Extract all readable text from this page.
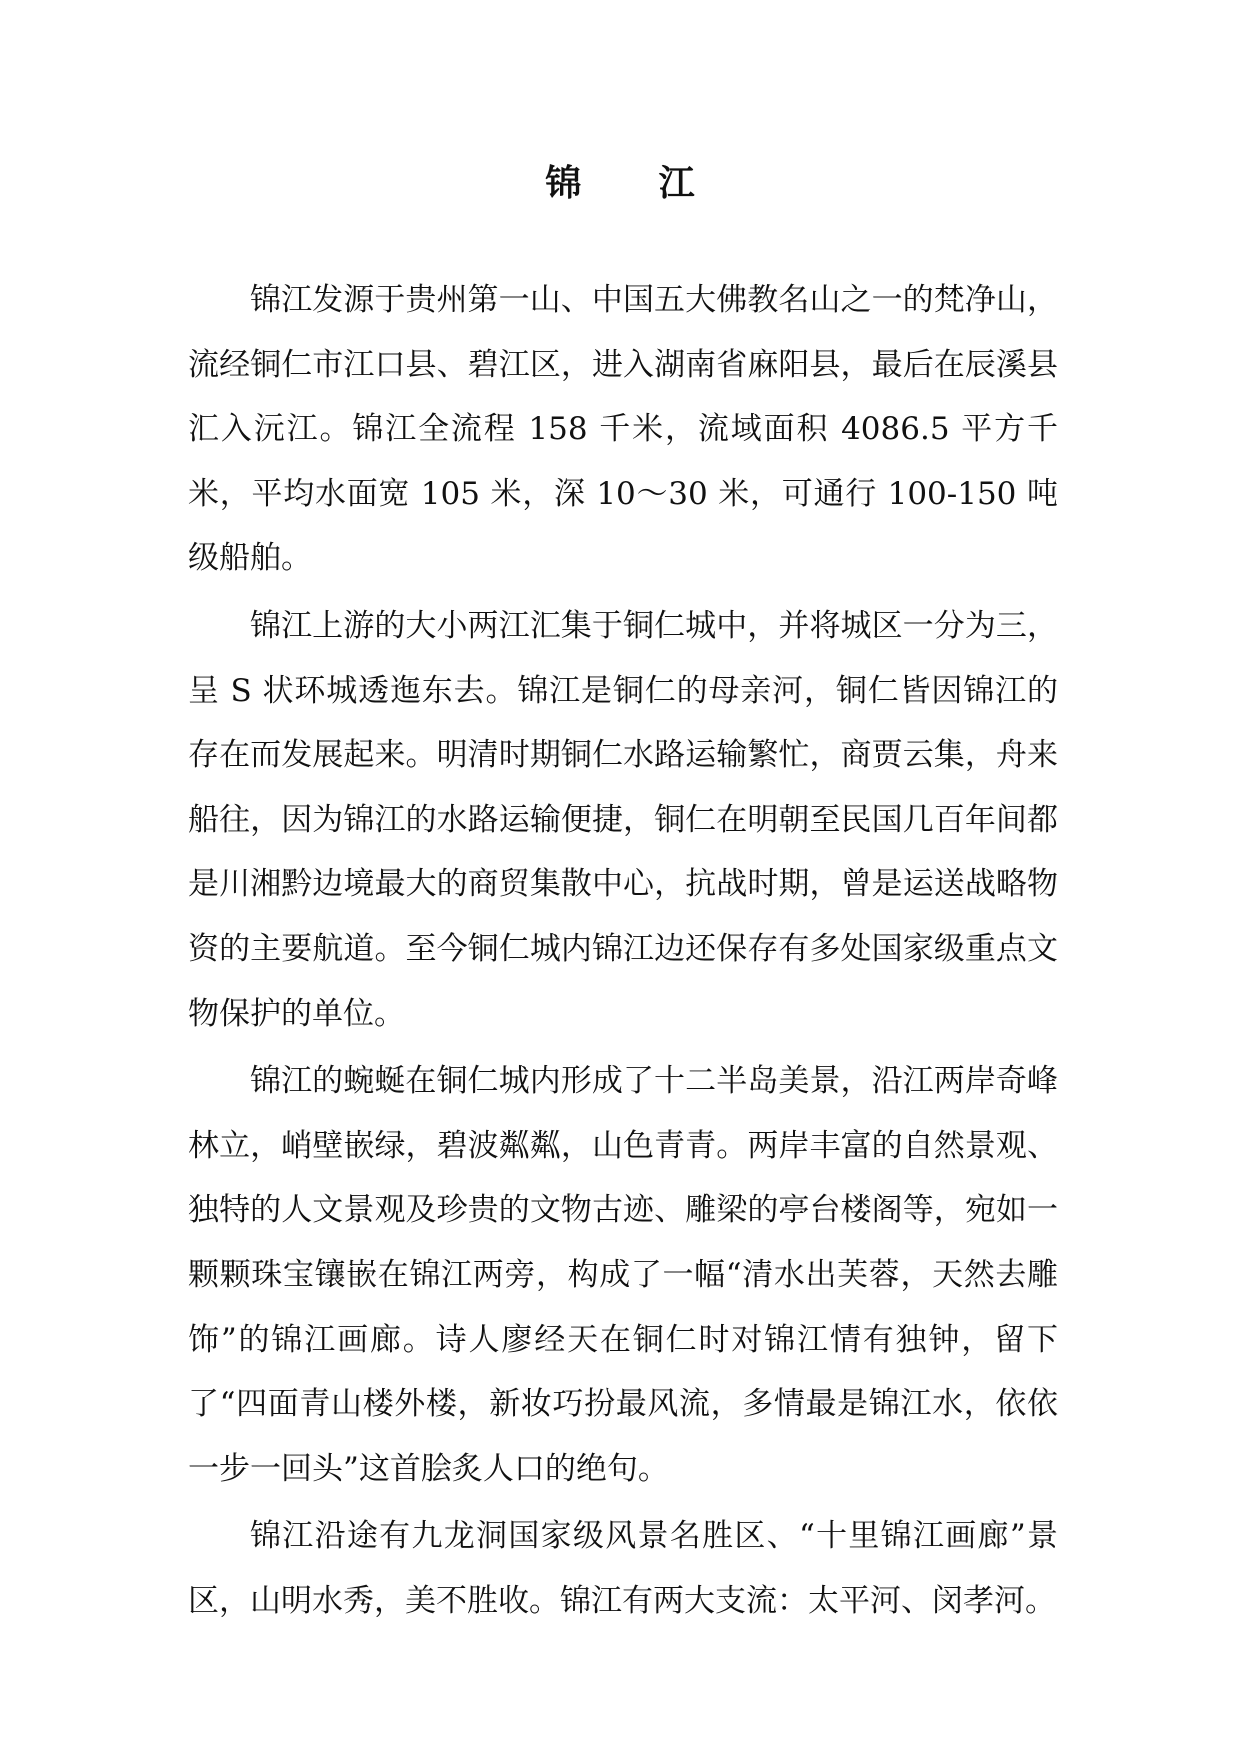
锦 江

锦江发源于贵州第一山、中国五大佛教名山之一的梵净山，流经铜仁市江口县、碧江区，进入湖南省麻阳县，最后在辰溪县汇入沅江。锦江全流程 158 千米，流域面积 4086.5 平方千米，平均水面宽 105 米，深 10～30 米，可通行 100-150 吨级船舶。

锦江上游的大小两江汇集于铜仁城中，并将城区一分为三，呈 S 状环城透迤东去。锦江是铜仁的母亲河，铜仁皆因锦江的存在而发展起来。明清时期铜仁水路运输繁忙，商贾云集，舟来船往，因为锦江的水路运输便捷，铜仁在明朝至民国几百年间都是川湘黔边境最大的商贸集散中心，抗战时期，曾是运送战略物资的主要航道。至今铜仁城内锦江边还保存有多处国家级重点文物保护的单位。

锦江的蜿蜒在铜仁城内形成了十二半岛美景，沿江两岸奇峰林立，峭壁嵌绿，碧波粼粼，山色青青。两岸丰富的自然景观、独特的人文景观及珍贵的文物古迹、雕梁的亭台楼阁等，宛如一颗颗珠宝镶嵌在锦江两旁，构成了一幅“清水出芙蓉，天然去雕饰”的锦江画廊。诗人廖经天在铜仁时对锦江情有独钟，留下了“四面青山楼外楼，新妆巧扮最风流，多情最是锦江水，依依一步一回头”这首脍炙人口的绝句。

锦江沿途有九龙洞国家级风景名胜区、“十里锦江画廊”景区，山明水秀，美不胜收。锦江有两大支流：太平河、闵孝河。
